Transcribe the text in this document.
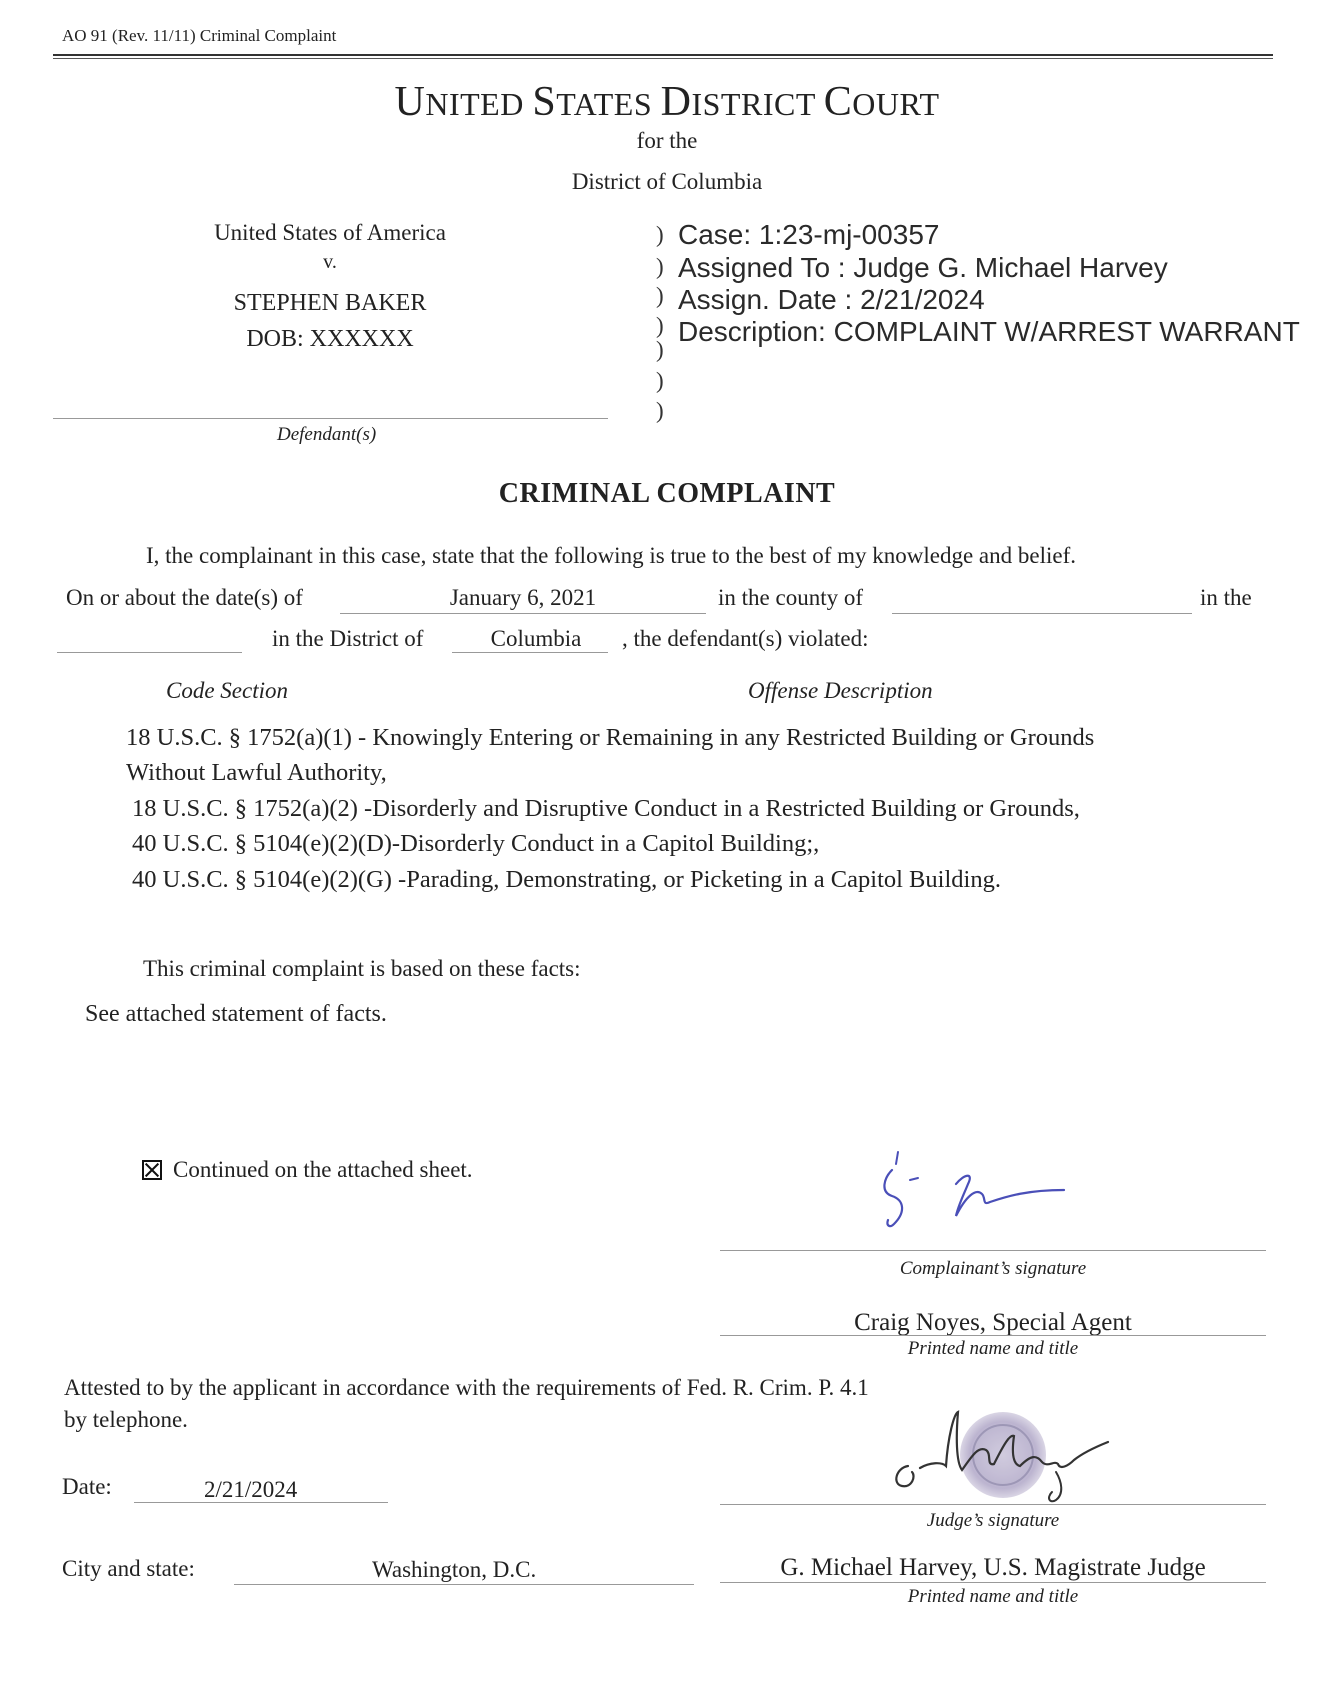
AO 91 (Rev. 11/11) Criminal Complaint
UNITED STATES DISTRICT COURT
for the
District of Columbia
United States of America
v.
STEPHEN BAKER
DOB: XXXXXX
Defendant(s)
)
)
)
)
)
)
)
Case: 1:23-mj-00357
Assigned To : Judge G. Michael Harvey
Assign. Date : 2/21/2024
Description: COMPLAINT W/ARREST WARRANT
CRIMINAL COMPLAINT
I, the complainant in this case, state that the following is true to the best of my knowledge and belief.
On or about the date(s) of	January 6, 2021	in the county of	in the
in the District of	Columbia	, the defendant(s) violated:
Code Section	Offense Description
18 U.S.C. § 1752(a)(1) - Knowingly Entering or Remaining in any Restricted Building or Grounds
Without Lawful Authority,
18 U.S.C. § 1752(a)(2) -Disorderly and Disruptive Conduct in a Restricted Building or Grounds,
40 U.S.C. § 5104(e)(2)(D)-Disorderly Conduct in a Capitol Building;,
40 U.S.C. § 5104(e)(2)(G) -Parading, Demonstrating, or Picketing in a Capitol Building.
This criminal complaint is based on these facts:
See attached statement of facts.
Continued on the attached sheet.
Complainant’s signature
Craig Noyes, Special Agent
Printed name and title
Attested to by the applicant in accordance with the requirements of Fed. R. Crim. P. 4.1
by telephone.
Date:	2/21/2024
Judge’s signature
City and state:	Washington, D.C.	G. Michael Harvey, U.S. Magistrate Judge
Printed name and title
